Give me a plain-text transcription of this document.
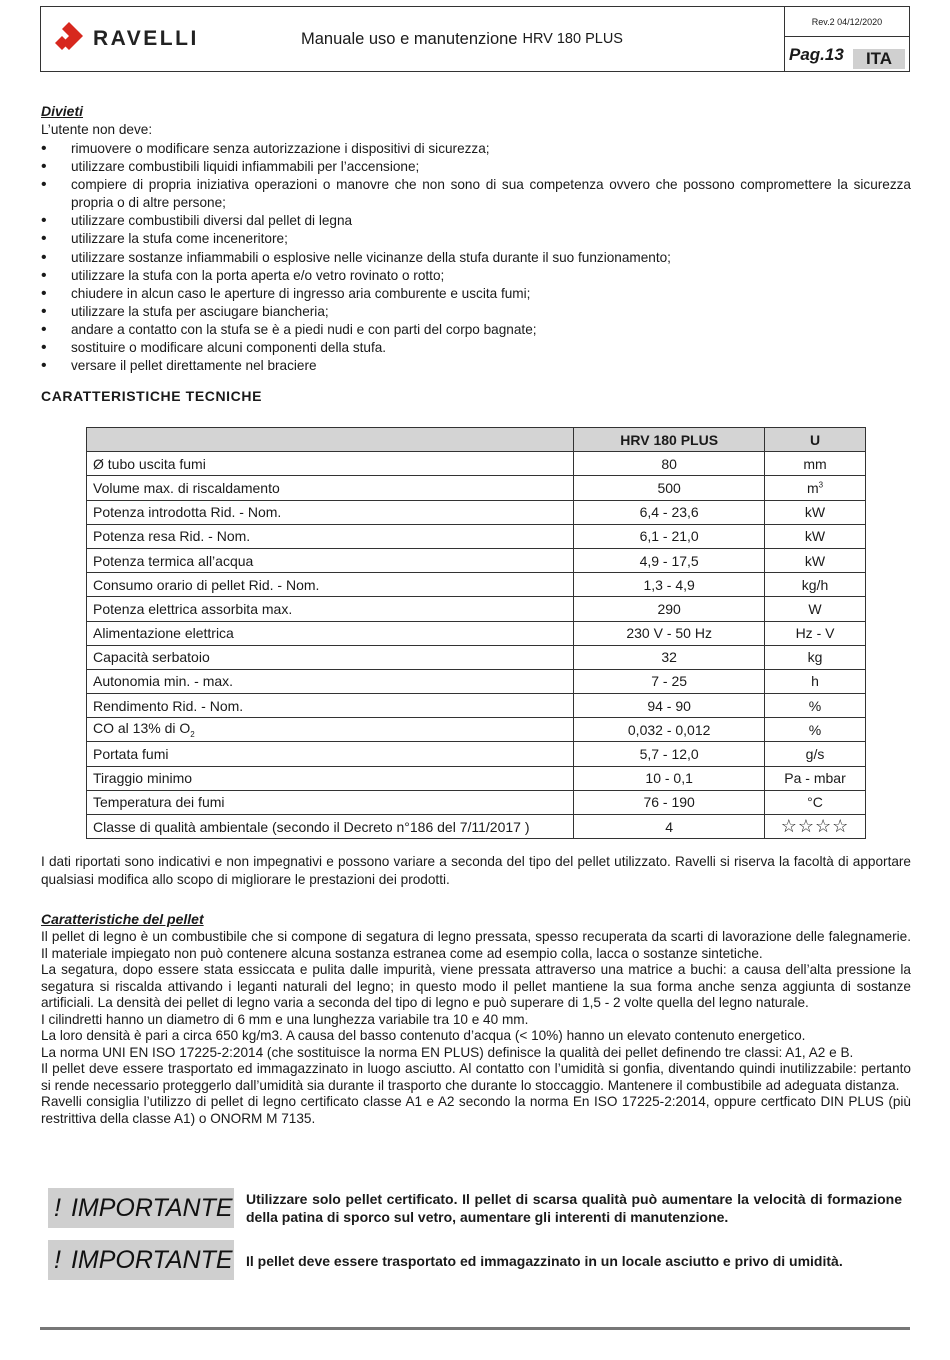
RAVELLI	Manuale uso e manutenzione HRV 180 PLUS
Rev.2 04/12/2020
Pag.13	ITA
Divieti
L’utente non deve:
• rimuovere o modificare senza autorizzazione i dispositivi di sicurezza;
• utilizzare combustibili liquidi infiammabili per l’accensione;
• compiere di propria iniziativa operazioni o manovre che non sono di sua competenza ovvero che possono compromettere la sicurezza propria o di altre persone;
• utilizzare combustibili diversi dal pellet di legna
• utilizzare la stufa come inceneritore;
• utilizzare sostanze infiammabili o esplosive nelle vicinanze della stufa durante il suo funzionamento;
• utilizzare la stufa con la porta aperta e/o vetro rovinato o rotto;
• chiudere in alcun caso le aperture di ingresso aria comburente e uscita fumi;
• utilizzare la stufa per asciugare biancheria;
• andare a contatto con la stufa se è a piedi nudi e con parti del corpo bagnate;
• sostituire o modificare alcuni componenti della stufa.
• versare il pellet direttamente nel braciere
CARATTERISTICHE TECNICHE
	HRV 180 PLUS	U
Ø tubo uscita fumi	80	mm
Volume max. di riscaldamento	500	$m^3$
Potenza introdotta Rid. - Nom.	6,4 - 23,6	kW
Potenza resa Rid. - Nom.	6,1 - 21,0	kW
Potenza termica all’acqua	4,9 - 17,5	kW
Consumo orario di pellet Rid. - Nom.	1,3 - 4,9	kg/h
Potenza elettrica assorbita max.	290	W
Alimentazione elettrica	230 V - 50 Hz	Hz - V
Capacità serbatoio	32	kg
Autonomia min. - max.	7 - 25	h
Rendimento Rid. - Nom.	94 - 90	%
CO al 13% di $O_2$	0,032 - 0,012	%
Portata fumi	5,7 - 12,0	g/s
Tiraggio minimo	10 - 0,1	Pa - mbar
Temperatura dei fumi	76 - 190	°C
Classe di qualità ambientale (secondo il Decreto n°186 del 7/11/2017 )	4	☆☆☆☆
I dati riportati sono indicativi e non impegnativi e possono variare a seconda del tipo del pellet utilizzato. Ravelli si riserva la facoltà di apportare qualsiasi modifica allo scopo di migliorare le prestazioni dei prodotti.
Caratteristiche del pellet

Il pellet di legno è un combustibile che si compone di segatura di legno pressata, spesso recuperata da scarti di lavorazione delle falegnamerie. Il materiale impiegato non può contenere alcuna sostanza estranea come ad esempio colla, lacca o sostanze sintetiche.

La segatura, dopo essere stata essiccata e pulita dalle impurità, viene pressata attraverso una matrice a buchi: a causa dell’alta pressione la segatura si riscalda attivando i leganti naturali del legno; in questo modo il pellet mantiene la sua forma anche senza aggiunta di sostanze artificiali. La densità dei pellet di legno varia a seconda del tipo di legno e può superare di 1,5 - 2 volte quella del legno naturale.

I cilindretti hanno un diametro di 6 mm e una lunghezza variabile tra 10 e 40 mm.

La loro densità è pari a circa 650 kg/m3. A causa del basso contenuto d’acqua (< 10%) hanno un elevato contenuto energetico.

La norma UNI EN ISO 17225-2:2014 (che sostituisce la norma EN PLUS) definisce la qualità dei pellet definendo tre classi: A1, A2 e B.

Il pellet deve essere trasportato ed immagazzinato in luogo asciutto. Al contatto con l’umidità si gonfia, diventando quindi inutilizzabile: pertanto si rende necessario proteggerlo dall’umidità sia durante il trasporto che durante lo stoccaggio. Mantenere il combustibile ad adeguata distanza.

Ravelli consiglia l’utilizzo di pellet di legno certificato classe A1 e A2 secondo la norma En ISO 17225-2:2014, oppure certficato DIN PLUS (più restrittiva della classe A1) o ONORM M 7135.

! IMPORTANTE Utilizzare solo pellet certificato. Il pellet di scarsa qualità può aumentare la velocità di formazione della patina di sporco sul vetro, aumentare gli interenti di manutenzione.
! IMPORTANTE Il pellet deve essere trasportato ed immagazzinato in un locale asciutto e privo di umidità.
